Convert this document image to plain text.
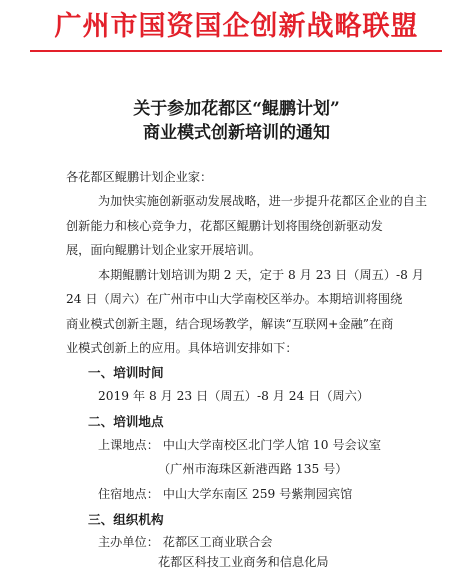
广州市国资国企创新战略联盟
关于参加花都区“鲲鹏计划”
商业模式创新培训的通知
各花都区鲲鹏计划企业家：
为加快实施创新驱动发展战略，进一步提升花都区企业的自主
创新能力和核心竞争力，花都区鲲鹏计划将围绕创新驱动发
展，面向鲲鹏计划企业家开展培训。
本期鲲鹏计划培训为期 2 天，定于 8 月 23 日（周五）-8 月
24 日（周六）在广州市中山大学南校区举办。本期培训将围绕
商业模式创新主题，结合现场教学，解读“互联网+金融”在商
业模式创新上的应用。具体培训安排如下：
一、培训时间
2019 年 8 月 23 日（周五）-8 月 24 日（周六）
二、培训地点
上课地点： 中山大学南校区北门学人馆 10 号会议室
（广州市海珠区新港西路 135 号）
住宿地点： 中山大学东南区 259 号紫荆园宾馆
三、组织机构
主办单位： 花都区工商业联合会
花都区科技工业商务和信息化局
